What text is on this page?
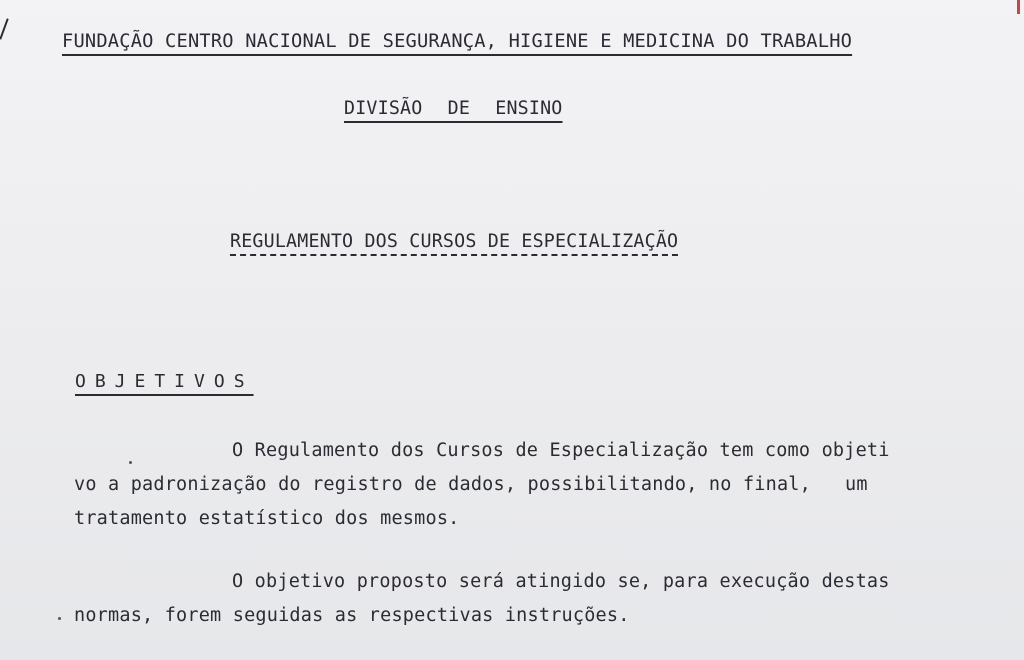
FUNDAÇÃO CENTRO NACIONAL DE SEGURANÇA, HIGIENE E MEDICINA DO TRABALHO
DIVISÃO DE ENSINO
REGULAMENTO DOS CURSOS DE ESPECIALIZAÇÃO
OBJETIVOS
O Regulamento dos Cursos de Especialização tem como objeti
vo a padronização do registro de dados, possibilitando, no final,   um
tratamento estatístico dos mesmos.
O objetivo proposto será atingido se, para execução destas
normas, forem seguidas as respectivas instruções.
